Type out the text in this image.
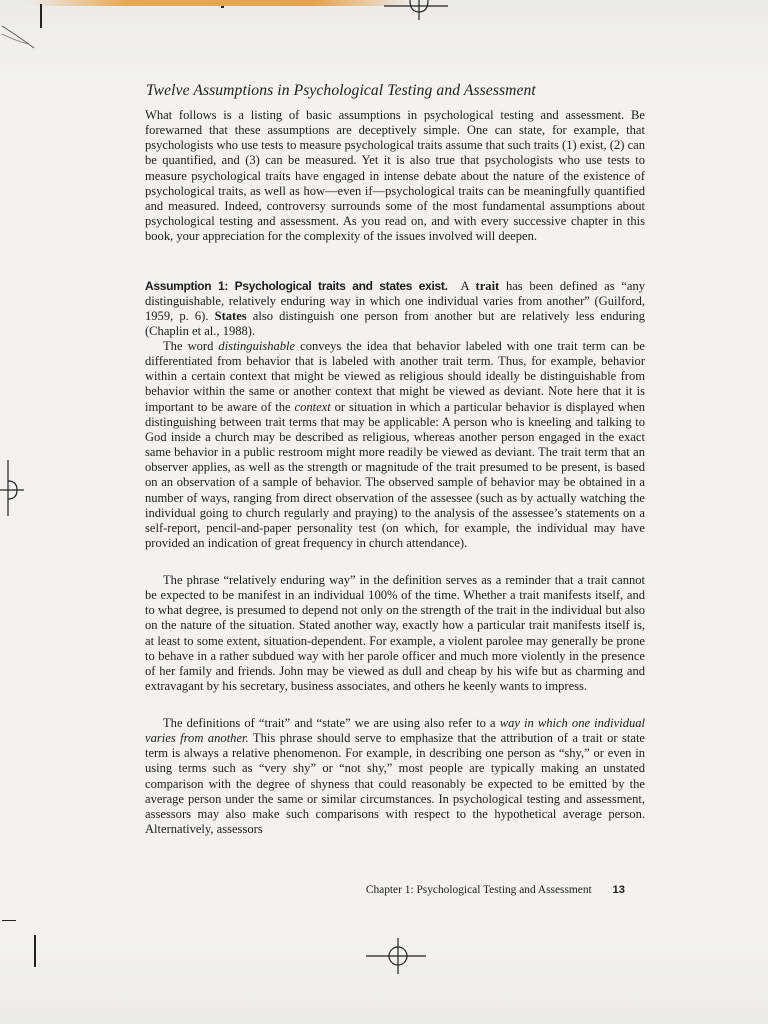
Twelve Assumptions in Psychological Testing and Assessment

What follows is a listing of basic assumptions in psychological testing and assessment. Be forewarned that these assumptions are deceptively simple. One can state, for example, that psychologists who use tests to measure psychological traits assume that such traits (1) exist, (2) can be quantified, and (3) can be measured. Yet it is also true that psychologists who use tests to measure psychological traits have engaged in intense debate about the nature of the existence of psychological traits, as well as how—even if—psychological traits can be meaningfully quantified and measured. Indeed, controversy surrounds some of the most fundamental assumptions about psychological testing and assessment. As you read on, and with every successive chapter in this book, your appreciation for the complexity of the issues involved will deepen.

Assumption 1: Psychological traits and states exist. A trait has been defined as “any distinguishable, relatively enduring way in which one individual varies from another” (Guilford, 1959, p. 6). States also distinguish one person from another but are relatively less enduring (Chaplin et al., 1988).

The word distinguishable conveys the idea that behavior labeled with one trait term can be differentiated from behavior that is labeled with another trait term. Thus, for example, behavior within a certain context that might be viewed as religious should ideally be distinguishable from behavior within the same or another context that might be viewed as deviant. Note here that it is important to be aware of the context or situation in which a particular behavior is displayed when distinguishing between trait terms that may be applicable: A person who is kneeling and talking to God inside a church may be described as religious, whereas another person engaged in the exact same behavior in a public restroom might more readily be viewed as deviant. The trait term that an observer applies, as well as the strength or magnitude of the trait presumed to be present, is based on an observation of a sample of behavior. The observed sample of behavior may be obtained in a number of ways, ranging from direct observation of the assessee (such as by actually watching the individual going to church regularly and praying) to the analysis of the assessee’s statements on a self-report, pencil-and-paper personality test (on which, for example, the individual may have provided an indication of great frequency in church attendance).

The phrase “relatively enduring way” in the definition serves as a reminder that a trait cannot be expected to be manifest in an individual 100% of the time. Whether a trait manifests itself, and to what degree, is presumed to depend not only on the strength of the trait in the individual but also on the nature of the situation. Stated another way, exactly how a particular trait manifests itself is, at least to some extent, situation-dependent. For example, a violent parolee may generally be prone to behave in a rather subdued way with her parole officer and much more violently in the presence of her family and friends. John may be viewed as dull and cheap by his wife but as charming and extravagant by his secretary, business associates, and others he keenly wants to impress.

The definitions of “trait” and “state” we are using also refer to a way in which one individual varies from another. This phrase should serve to emphasize that the attribution of a trait or state term is always a relative phenomenon. For example, in describing one person as “shy,” or even in using terms such as “very shy” or “not shy,” most people are typically making an unstated comparison with the degree of shyness that could reasonably be expected to be emitted by the average person under the same or similar circumstances. In psychological testing and assessment, assessors may also make such comparisons with respect to the hypothetical average person. Alternatively, assessors

Chapter 1: Psychological Testing and Assessment 13
